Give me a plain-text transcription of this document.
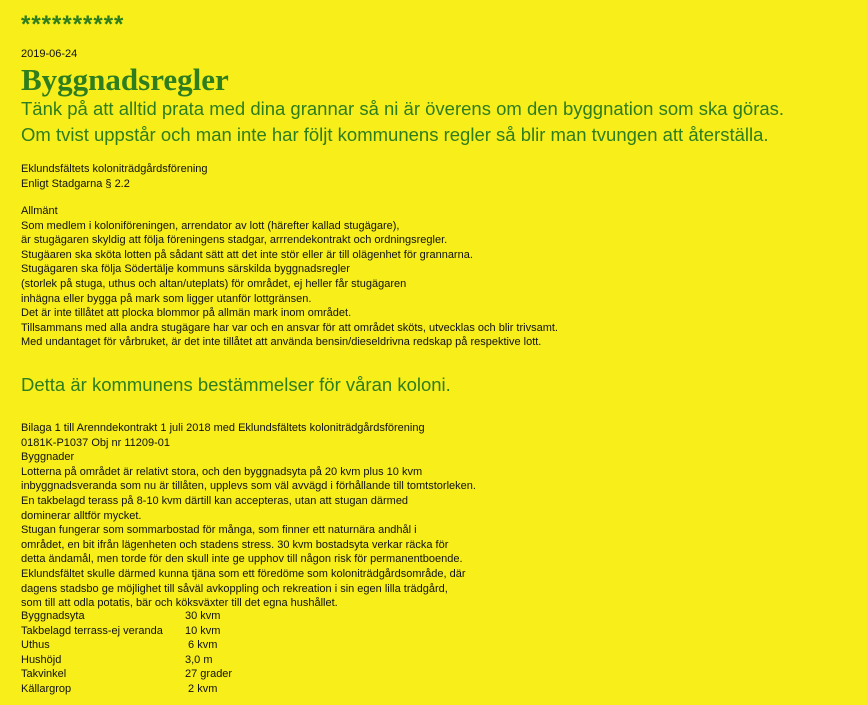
**********
2019-06-24
Byggnadsregler
Tänk på att alltid prata med dina grannar så ni är överens om den byggnation som ska göras.
Om tvist uppstår och man inte har följt kommunens regler så blir man tvungen att återställa.
Eklundsfältets koloniträdgårdsförening
Enligt Stadgarna § 2.2
Allmänt
Som medlem i koloniföreningen, arrendator av lott (härefter kallad stugägare),
är stugägaren skyldig att följa föreningens stadgar, arrrendekontrakt och ordningsregler.
Stugäaren ska sköta lotten på sådant sätt att det inte stör eller är till olägenhet för grannarna.
Stugägaren ska följa Södertälje kommuns särskilda byggnadsregler
(storlek på stuga, uthus och altan/uteplats) för området, ej heller får stugägaren
inhägna eller bygga på mark som ligger utanför lottgränsen.
Det är inte tillåtet att plocka blommor på allmän mark inom området.
Tillsammans med alla andra stugägare har var och en ansvar för att området sköts, utvecklas och blir trivsamt.
Med undantaget för vårbruket, är det inte tillåtet att använda bensin/dieseldrivna redskap på respektive lott.
Detta är kommunens bestämmelser för våran koloni.
Bilaga 1 till Arenndekontrakt 1 juli 2018 med Eklundsfältets koloniträdgårdsförening
0181K-P1037 Obj nr 11209-01
Byggnader
Lotterna på området är relativt stora, och den byggnadsyta på 20 kvm plus 10 kvm
inbyggnadsveranda som nu är tillåten, upplevs som väl avvägd i förhållande till tomtstorleken.
En takbelagd terass på 8-10 kvm därtill kan accepteras, utan att stugan därmed
dominerar alltför mycket.
Stugan fungerar som sommarbostad för många, som finner ett naturnära andhål i
området, en bit ifrån lägenheten och stadens stress. 30 kvm bostadsyta verkar räcka för
detta ändamål, men torde för den skull inte ge upphov till någon risk för permanentboende.
Eklundsfältet skulle därmed kunna tjäna som ett föredöme som koloniträdgårdsområde, där
dagens stadsbo ge möjlighet till såväl avkoppling och rekreation i sin egen lilla trädgård,
som till att odla potatis, bär och köksväxter till det egna hushållet.
Byggnadsyta	30 kvm
Takbelagd terrass-ej veranda	10 kvm
Uthus	6 kvm
Hushöjd	3,0 m
Takvinkel	27 grader
Källargrop	2 kvm
